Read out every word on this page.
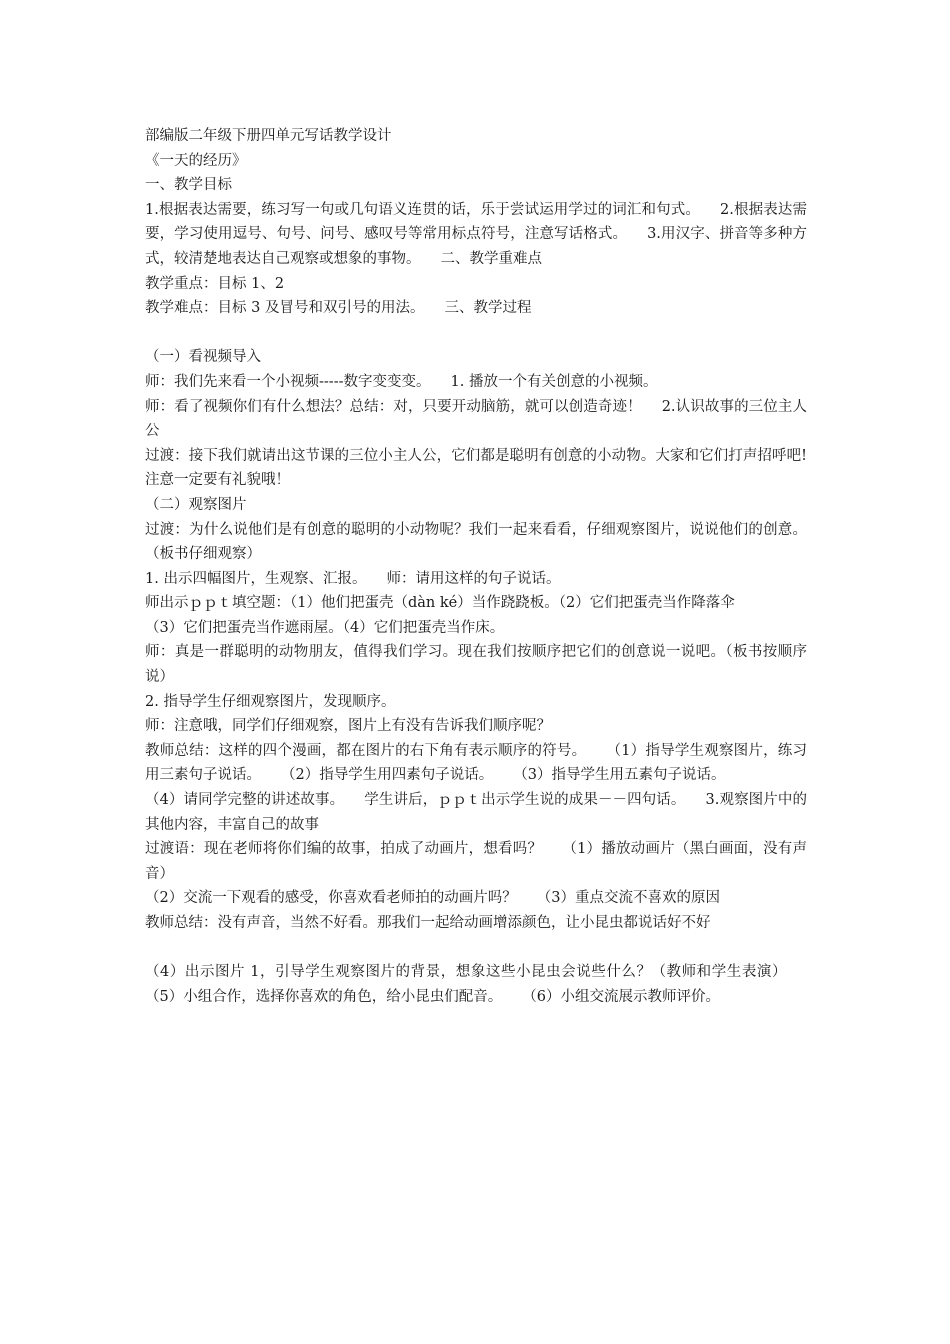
部编版二年级下册四单元写话教学设计

《一天的经历》

一、教学目标

1.根据表达需要，练习写一句或几句语义连贯的话，乐于尝试运用学过的词汇和句式。 2.根据表达需要，学习使用逗号、句号、问号、感叹号等常用标点符号，注意写话格式。 3.用汉字、拼音等多种方式，较清楚地表达自己观察或想象的事物。 二、教学重难点

教学重点：目标 1、2

教学难点：目标 3 及冒号和双引号的用法。 三、教学过程

（一）看视频导入

师：我们先来看一个小视频-----数字变变变。 1. 播放一个有关创意的小视频。

师：看了视频你们有什么想法？总结：对，只要开动脑筋，就可以创造奇迹！ 2.认识故事的三位主人公

过渡：接下我们就请出这节课的三位小主人公，它们都是聪明有创意的小动物。大家和它们打声招呼吧!注意一定要有礼貌哦！

（二）观察图片

过渡：为什么说他们是有创意的聪明的小动物呢？我们一起来看看，仔细观察图片，说说他们的创意。（板书仔细观察）

1. 出示四幅图片，生观察、汇报。 师：请用这样的句子说话。

师出示ｐｐｔ填空题：（1）他们把蛋壳（dàn ké）当作跷跷板。（2）它们把蛋壳当作降落伞

（3）它们把蛋壳当作遮雨屋。（4）它们把蛋壳当作床。

师：真是一群聪明的动物朋友，值得我们学习。现在我们按顺序把它们的创意说一说吧。（板书按顺序说）

2. 指导学生仔细观察图片，发现顺序。

师：注意哦，同学们仔细观察，图片上有没有告诉我们顺序呢？

教师总结：这样的四个漫画，都在图片的右下角有表示顺序的符号。 （1）指导学生观察图片，练习用三素句子说话。 （2）指导学生用四素句子说话。 （3）指导学生用五素句子说话。

（4）请同学完整的讲述故事。 学生讲后，ｐｐｔ出示学生说的成果－－四句话。 3.观察图片中的其他内容，丰富自己的故事

过渡语：现在老师将你们编的故事，拍成了动画片，想看吗？ （1）播放动画片（黑白画面，没有声音）

（2）交流一下观看的感受，你喜欢看老师拍的动画片吗？ （3）重点交流不喜欢的原因

教师总结：没有声音，当然不好看。那我们一起给动画增添颜色，让小昆虫都说话好不好

（4）出示图片 1，引导学生观察图片的背景，想象这些小昆虫会说些什么？（教师和学生表演）（5）小组合作，选择你喜欢的角色，给小昆虫们配音。 （6）小组交流展示教师评价。
